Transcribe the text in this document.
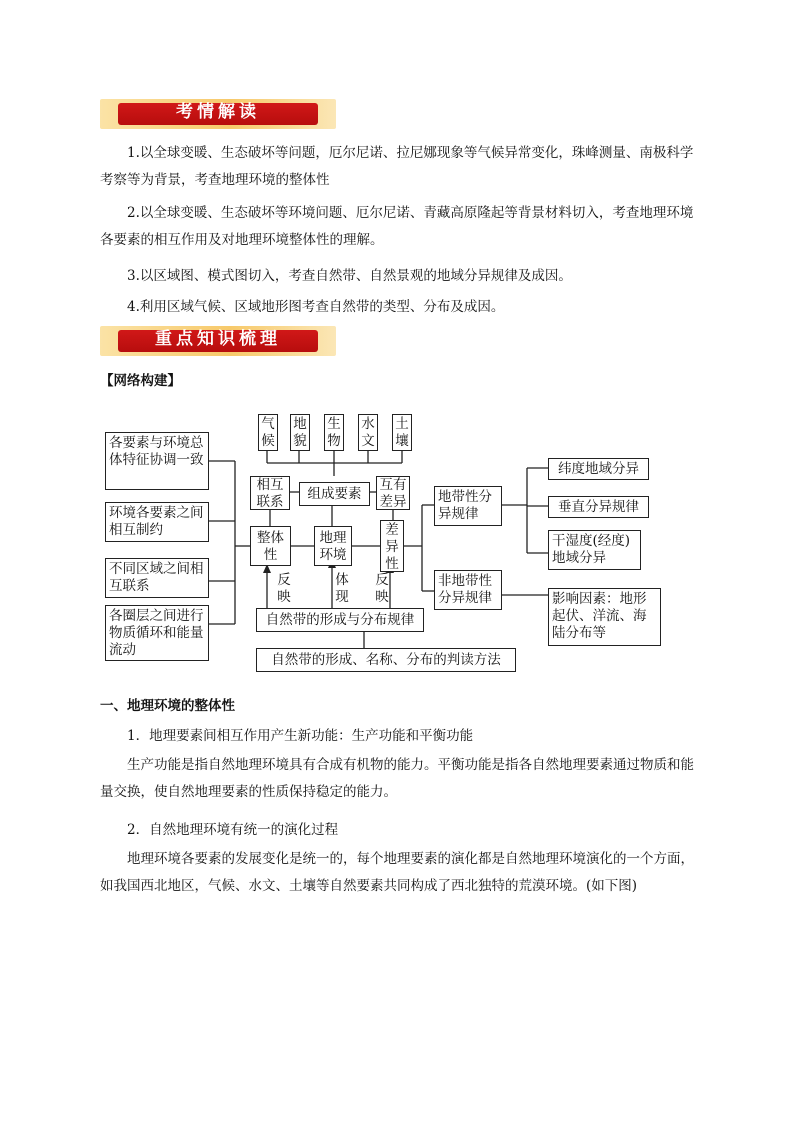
考情解读

1.以全球变暖、生态破坏等问题，厄尔尼诺、拉尼娜现象等气候异常变化，珠峰测量、南极科学考察等为背景，考查地理环境的整体性

2.以全球变暖、生态破坏等环境问题、厄尔尼诺、青藏高原隆起等背景材料切入，考查地理环境各要素的相互作用及对地理环境整体性的理解。

3.以区域图、模式图切入，考查自然带、自然景观的地域分异规律及成因。

4.利用区域气候、区域地形图考查自然带的类型、分布及成因。

重点知识梳理
【网络构建】
气候
地貌
生物
水文
土壤
各要素与环境总体特征协调一致
环境各要素之间相互制约
不同区域之间相互联系
各圈层之间进行物质循环和能量流动
相互联系	组成要素
互有差异
整体性
地理环境
差异性
反映
体现
反映
地带性分异规律
非地带性分异规律
纬度地域分异
垂直分异规律
干湿度(经度)地域分异
影响因素：地形起伏、洋流、海陆分布等
自然带的形成与分布规律
自然带的形成、名称、分布的判读方法
一、地理环境的整体性
1．地理要素间相互作用产生新功能：生产功能和平衡功能

生产功能是指自然地理环境具有合成有机物的能力。平衡功能是指各自然地理要素通过物质和能量交换，使自然地理要素的性质保持稳定的能力。

2．自然地理环境有统一的演化过程

地理环境各要素的发展变化是统一的，每个地理要素的演化都是自然地理环境演化的一个方面，如我国西北地区，气候、水文、土壤等自然要素共同构成了西北独特的荒漠环境。(如下图)
